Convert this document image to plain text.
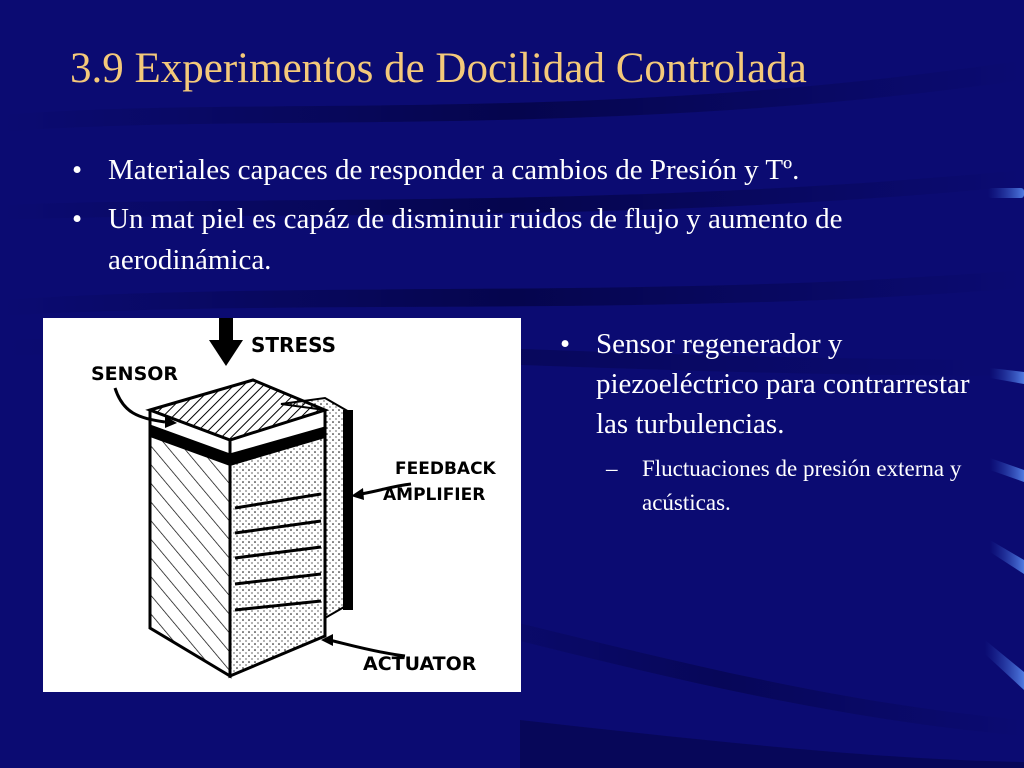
3.9 Experimentos de Docilidad Controlada
• Materiales capaces de responder a cambios de Presión y Tº.
• Un mat piel es capáz de disminuir ruidos de flujo y aumento de aerodinámica.
STRESS
SENSOR
FEEDBACK
AMPLIFIER
ACTUATOR
• Sensor regenerador y piezoeléctrico para contrarrestar las turbulencias.
–	Fluctuaciones de presión externa y acústicas.
